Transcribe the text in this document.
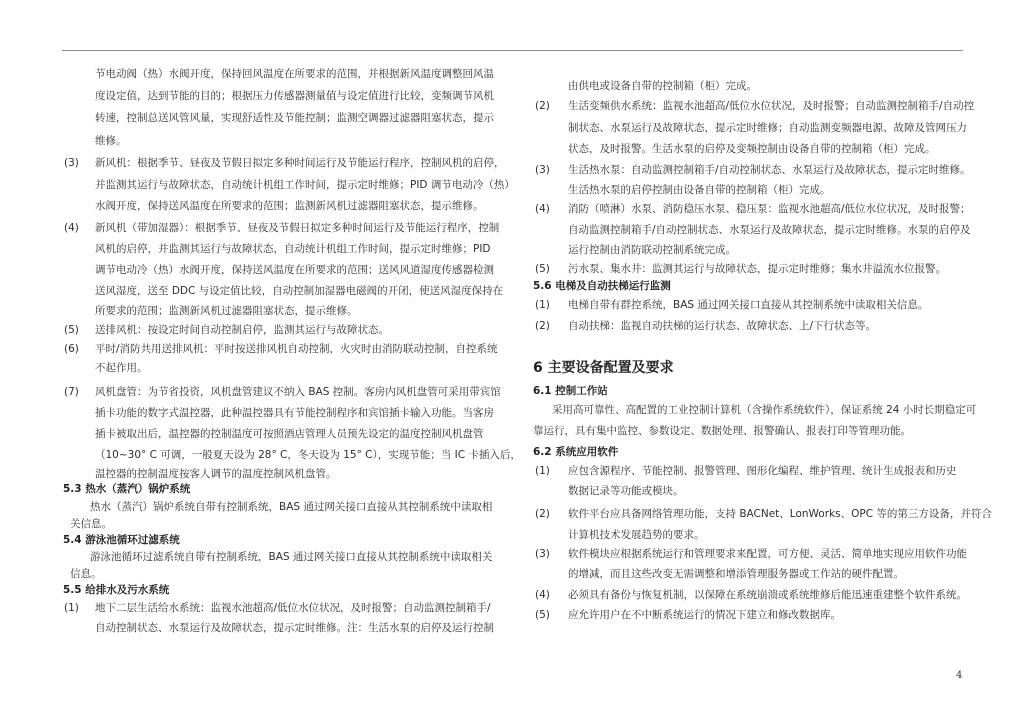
节电动阀（热）水阀开度，保持回风温度在所要求的范围，并根据新风温度调整回风温
度设定值，达到节能的目的；根据压力传感器测量值与设定值进行比较，变频调节风机
转速，控制总送风管风量，实现舒适性及节能控制；监测空调器过滤器阻塞状态，提示
维修。
(3) 新风机：根据季节、昼夜及节假日拟定多种时间运行及节能运行程序，控制风机的启停，
并监测其运行与故障状态，自动统计机组工作时间，提示定时维修；PID 调节电动冷（热）
水阀开度，保持送风温度在所要求的范围；监测新风机过滤器阻塞状态，提示维修。
(4) 新风机（带加湿器）：根据季节、昼夜及节假日拟定多种时间运行及节能运行程序，控制
风机的启停，并监测其运行与故障状态，自动统计机组工作时间，提示定时维修；PID
调节电动冷（热）水阀开度，保持送风温度在所要求的范围；送风风道湿度传感器检测
送风湿度，送至 DDC 与设定值比较，自动控制加湿器电磁阀的开闭，使送风湿度保持在
所要求的范围；监测新风机过滤器阻塞状态，提示维修。
(5) 送排风机：按设定时间自动控制启停，监测其运行与故障状态。
(6) 平时/消防共用送排风机：平时按送排风机自动控制，火灾时由消防联动控制，自控系统
不起作用。
(7) 风机盘管：为节省投资，风机盘管建议不纳入 BAS 控制。客房内风机盘管可采用带宾馆
插卡功能的数字式温控器，此种温控器具有节能控制程序和宾馆插卡输入功能。当客房
插卡被取出后，温控器的控制温度可按照酒店管理人员预先设定的温度控制风机盘管
（10~30° C 可调，一般夏天设为 28° C，冬天设为 15° C），实现节能；当 IC 卡插入后，
温控器的控制温度按客人调节的温度控制风机盘管。
5.3 热水（蒸汽）锅炉系统
热水（蒸汽）锅炉系统自带有控制系统，BAS 通过网关接口直接从其控制系统中读取相
关信息。
5.4 游泳池循环过滤系统
游泳池循环过滤系统自带有控制系统，BAS 通过网关接口直接从其控制系统中读取相关
信息。
5.5 给排水及污水系统
(1) 地下二层生活给水系统：监视水池超高/低位水位状况，及时报警；自动监测控制箱手/
自动控制状态、水泵运行及故障状态，提示定时维修。注：生活水泵的启停及运行控制
由供电或设备自带的控制箱（柜）完成。
(2) 生活变频供水系统：监视水池超高/低位水位状况，及时报警；自动监测控制箱手/自动控
制状态、水泵运行及故障状态，提示定时维修；自动监测变频器电源、故障及管网压力
状态，及时报警。生活水泵的启停及变频控制由设备自带的控制箱（柜）完成。
(3) 生活热水泵：自动监测控制箱手/自动控制状态、水泵运行及故障状态，提示定时维修。
生活热水泵的启停控制由设备自带的控制箱（柜）完成。
(4) 消防（喷淋）水泵、消防稳压水泵、稳压泵：监视水池超高/低位水位状况，及时报警；
自动监测控制箱手/自动控制状态、水泵运行及故障状态，提示定时维修。水泵的启停及
运行控制由消防联动控制系统完成。
(5) 污水泵、集水井：监测其运行与故障状态，提示定时维修；集水井溢流水位报警。
5.6 电梯及自动扶梯运行监测
(1) 电梯自带有群控系统，BAS 通过网关接口直接从其控制系统中读取相关信息。
(2) 自动扶梯：监视自动扶梯的运行状态、故障状态、上/下行状态等。
6 主要设备配置及要求
6.1 控制工作站
采用高可靠性、高配置的工业控制计算机（含操作系统软件），保证系统 24 小时长期稳定可
靠运行，具有集中监控、参数设定、数据处理、报警确认、报表打印等管理功能。
6.2 系统应用软件
(1) 应包含源程序、节能控制、报警管理、图形化编程、维护管理、统计生成报表和历史
数据记录等功能或模块。
(2) 软件平台应具备网络管理功能，支持 BACNet、LonWorks、OPC 等的第三方设备，并符合
计算机技术发展趋势的要求。
(3) 软件模块应根据系统运行和管理要求来配置，可方便、灵活、简单地实现应用软件功能
的增减，而且这些改变无需调整和增添管理服务器或工作站的硬件配置。
(4) 必须具有备份与恢复机制，以保障在系统崩溃或系统维修后能迅速重建整个软件系统。
(5) 应允许用户在不中断系统运行的情况下建立和修改数据库。
4
